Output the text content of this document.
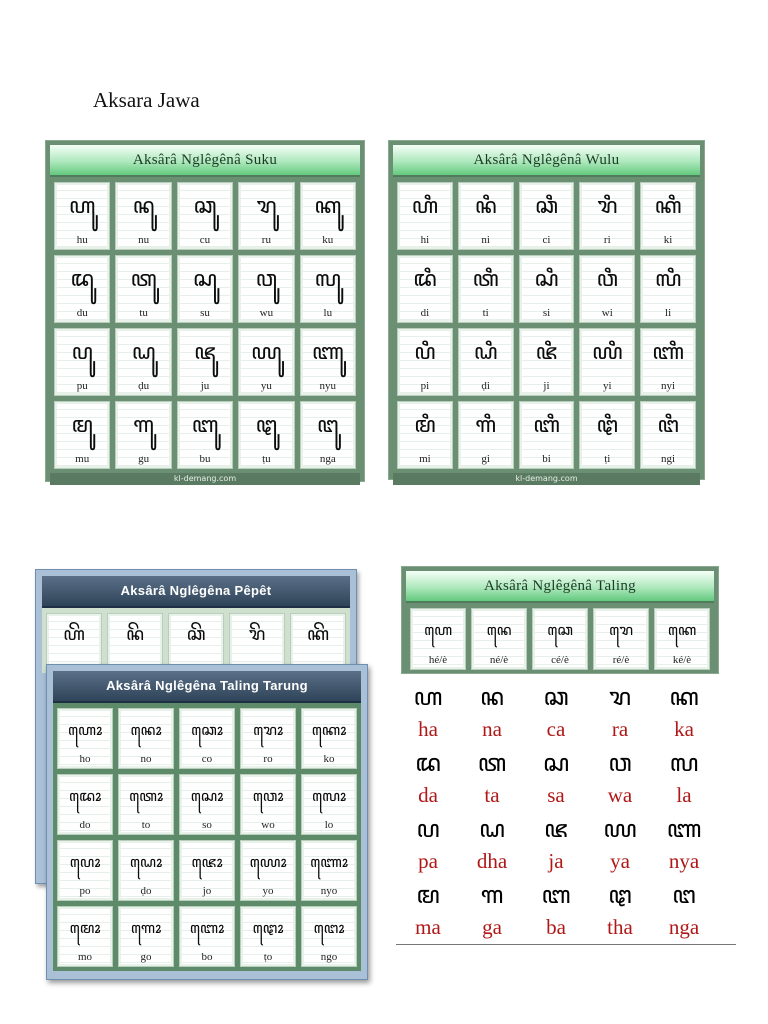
Aksara Jawa
Aksârâ Nglêgênâ Suku
ꦲꦸ
hu
ꦤꦸ
nu
ꦕꦸ
cu
ꦫꦸ
ru
ꦏꦸ
ku
ꦢꦸ
du
ꦠꦸ
tu
ꦱꦸ
su
ꦮꦸ
wu
ꦭꦸ
lu
ꦥꦸ
pu
ꦝꦸ
ḍu
ꦗꦸ
ju
ꦪꦸ
yu
ꦚꦸ
nyu
ꦩꦸ
mu
ꦒꦸ
gu
ꦧꦸ
bu
ꦛꦸ
ṭu
ꦔꦸ
nga
kl-demang.com
Aksârâ Nglêgênâ Wulu
ꦲꦶ
hi
ꦤꦶ
ni
ꦕꦶ
ci
ꦫꦶ
ri
ꦏꦶ
ki
ꦢꦶ
di
ꦠꦶ
ti
ꦱꦶ
si
ꦮꦶ
wi
ꦭꦶ
li
ꦥꦶ
pi
ꦝꦶ
ḍi
ꦗꦶ
ji
ꦪꦶ
yi
ꦚꦶ
nyi
ꦩꦶ
mi
ꦒꦶ
gi
ꦧꦶ
bi
ꦛꦶ
ṭi
ꦔꦶ
ngi
kl-demang.com
Aksârâ Nglêgêna Pêpêt
ꦲꦼ ꦤꦼ ꦕꦼ ꦫꦼ ꦏꦼ
Aksârâ Nglêgêna Taling Tarung
ꦲꦺꦴ
ho
ꦤꦺꦴ
no
ꦕꦺꦴ
co
ꦫꦺꦴ
ro
ꦏꦺꦴ
ko
ꦢꦺꦴ
do
ꦠꦺꦴ
to
ꦱꦺꦴ
so
ꦮꦺꦴ
wo
ꦭꦺꦴ
lo
ꦥꦺꦴ
po
ꦝꦺꦴ
ḍo
ꦗꦺꦴ
jo
ꦪꦺꦴ
yo
ꦚꦺꦴ
nyo
ꦩꦺꦴ
mo
ꦒꦺꦴ
go
ꦧꦺꦴ
bo
ꦛꦺꦴ
ṭo
ꦔꦺꦴ
ngo
Aksârâ Nglêgênâ Taling
ꦲꦺ
hé/è
ꦤꦺ
né/è
ꦕꦺ
cé/è
ꦫꦺ
ré/è
ꦏꦺ
ké/è
ꦲ	ꦤ	ꦕ	ꦫ	ꦏ
ha	na	ca	ra	ka
ꦢ	ꦠ	ꦱ	ꦮ	ꦭ
da	ta	sa	wa	la
ꦥ	ꦝ	ꦗ	ꦪ	ꦚ
pa	dha	ja	ya	nya
ꦩ	ꦒ	ꦧ	ꦛ	ꦔ
ma	ga	ba	tha	nga
